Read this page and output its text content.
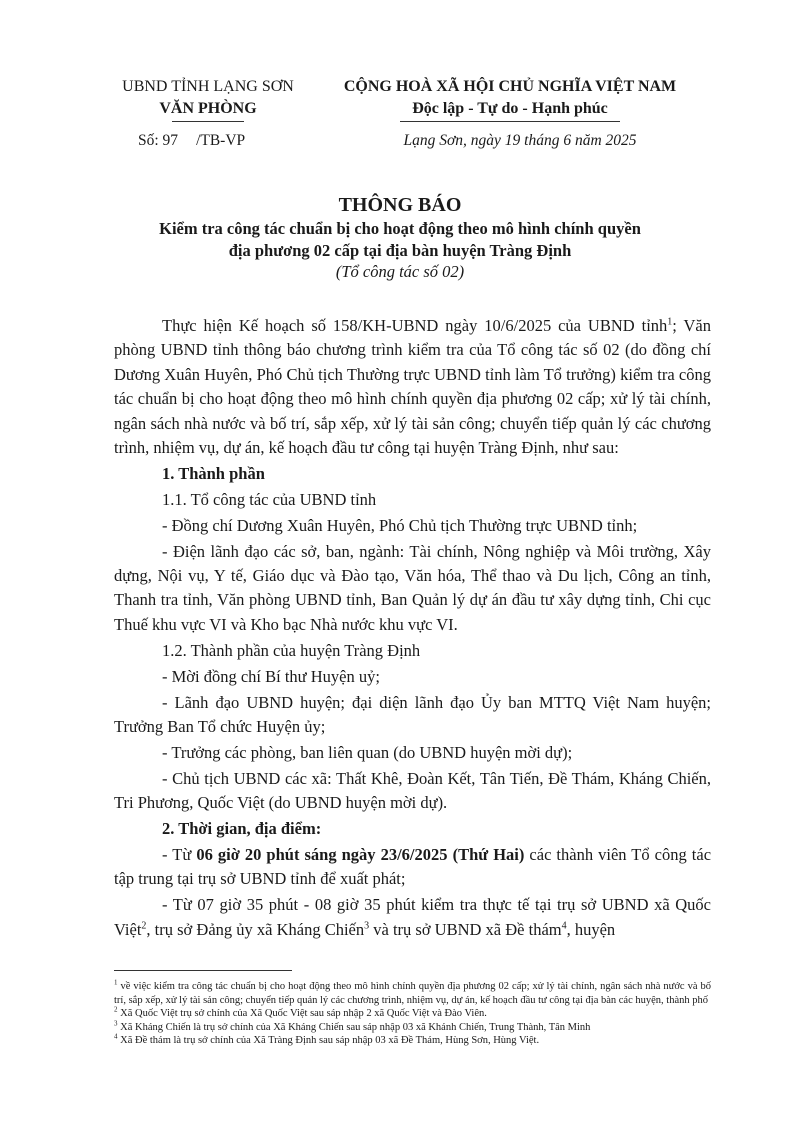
UBND TỈNH LẠNG SƠN
VĂN PHÒNG
CỘNG HOÀ XÃ HỘI CHỦ NGHĨA VIỆT NAM
Độc lập - Tự do - Hạnh phúc
Số: 97 /TB-VP	Lạng Sơn, ngày 19 tháng 6 năm 2025
THÔNG BÁO
Kiểm tra công tác chuẩn bị cho hoạt động theo mô hình chính quyền
địa phương 02 cấp tại địa bàn huyện Tràng Định
(Tổ công tác số 02)

Thực hiện Kế hoạch số 158/KH-UBND ngày 10/6/2025 của UBND tỉnh$^1$; Văn phòng UBND tỉnh thông báo chương trình kiểm tra của Tổ công tác số 02 (do đồng chí Dương Xuân Huyên, Phó Chủ tịch Thường trực UBND tỉnh làm Tổ trưởng) kiểm tra công tác chuẩn bị cho hoạt động theo mô hình chính quyền địa phương 02 cấp; xử lý tài chính, ngân sách nhà nước và bố trí, sắp xếp, xử lý tài sản công; chuyển tiếp quản lý các chương trình, nhiệm vụ, dự án, kế hoạch đầu tư công tại huyện Tràng Định, như sau:

1. Thành phần

1.1. Tổ công tác của UBND tỉnh

- Đồng chí Dương Xuân Huyên, Phó Chủ tịch Thường trực UBND tỉnh;

- Điện lãnh đạo các sở, ban, ngành: Tài chính, Nông nghiệp và Môi trường, Xây dựng, Nội vụ, Y tế, Giáo dục và Đào tạo, Văn hóa, Thể thao và Du lịch, Công an tỉnh, Thanh tra tỉnh, Văn phòng UBND tỉnh, Ban Quản lý dự án đầu tư xây dựng tỉnh, Chi cục Thuế khu vực VI và Kho bạc Nhà nước khu vực VI.

1.2. Thành phần của huyện Tràng Định

- Mời đồng chí Bí thư Huyện uỷ;

- Lãnh đạo UBND huyện; đại diện lãnh đạo Ủy ban MTTQ Việt Nam huyện; Trưởng Ban Tổ chức Huyện ủy;

- Trưởng các phòng, ban liên quan (do UBND huyện mời dự);

- Chủ tịch UBND các xã: Thất Khê, Đoàn Kết, Tân Tiến, Đề Thám, Kháng Chiến, Tri Phương, Quốc Việt (do UBND huyện mời dự).

2. Thời gian, địa điểm:

- Từ 06 giờ 20 phút sáng ngày 23/6/2025 (Thứ Hai) các thành viên Tổ công tác tập trung tại trụ sở UBND tỉnh để xuất phát;

- Từ 07 giờ 35 phút - 08 giờ 35 phút kiểm tra thực tế tại trụ sở UBND xã Quốc Việt$^2$, trụ sở Đảng ủy xã Kháng Chiến$^3$ và trụ sở UBND xã Đề thám$^4$, huyện

$^1$ về việc kiểm tra công tác chuẩn bị cho hoạt động theo mô hình chính quyền địa phương 02 cấp; xử lý tài chính, ngân sách nhà nước và bố trí, sắp xếp, xử lý tài sản công; chuyển tiếp quản lý các chương trình, nhiệm vụ, dự án, kế hoạch đầu tư công tại địa bàn các huyện, thành phố
$^2$ Xã Quốc Việt trụ sở chính của Xã Quốc Việt sau sáp nhập 2 xã Quốc Việt và Đào Viên.
$^3$ Xã Kháng Chiến là trụ sở chính của Xã Kháng Chiến sau sáp nhập 03 xã Khánh Chiến, Trung Thành, Tân Minh
$^4$ Xã Đề thám là trụ sở chính của Xã Tràng Định sau sáp nhập 03 xã Đề Thám, Hùng Sơn, Hùng Việt.
